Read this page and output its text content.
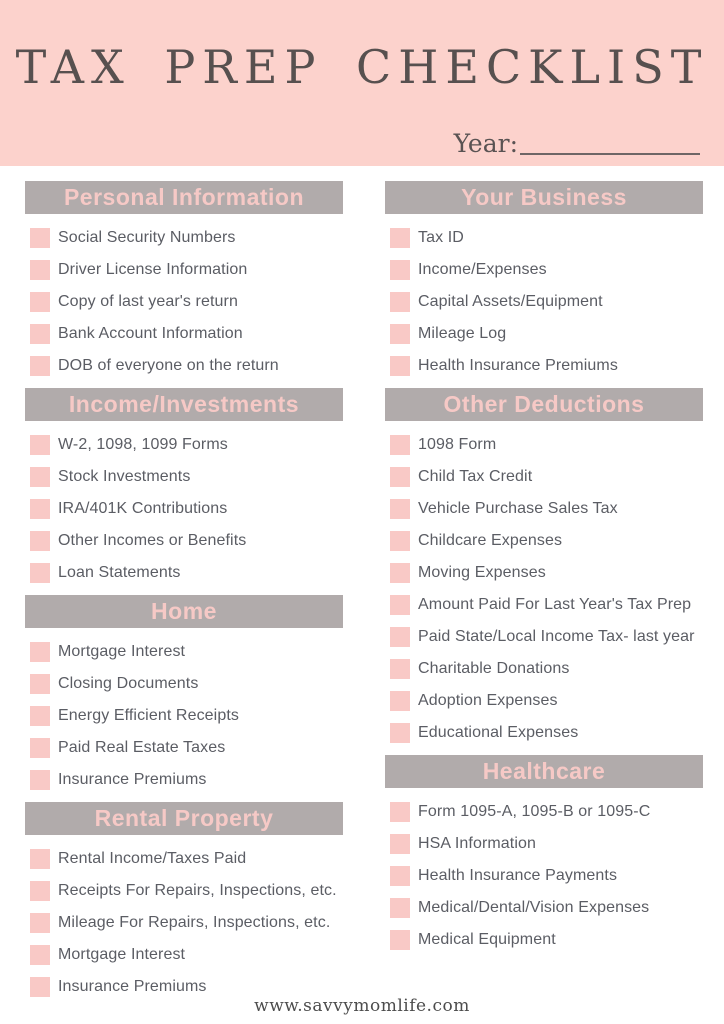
TAX PREP CHECKLIST
Year:
Personal Information
Social Security Numbers
Driver License Information
Copy of last year's return
Bank Account Information
DOB of everyone on the return
Income/Investments
W-2, 1098, 1099 Forms
Stock Investments
IRA/401K Contributions
Other Incomes or Benefits
Loan Statements
Home
Mortgage Interest
Closing Documents
Energy Efficient Receipts
Paid Real Estate Taxes
Insurance Premiums
Rental Property
Rental Income/Taxes Paid
Receipts For Repairs, Inspections, etc.
Mileage For Repairs, Inspections, etc.
Mortgage Interest
Insurance Premiums
Your Business
Tax ID
Income/Expenses
Capital Assets/Equipment
Mileage Log
Health Insurance Premiums
Other Deductions
1098 Form
Child Tax Credit
Vehicle Purchase Sales Tax
Childcare Expenses
Moving Expenses
Amount Paid For Last Year's Tax Prep
Paid State/Local Income Tax- last year
Charitable Donations
Adoption Expenses
Educational Expenses
Healthcare
Form 1095-A, 1095-B or 1095-C
HSA Information
Health Insurance Payments
Medical/Dental/Vision Expenses
Medical Equipment
www.savvymomlife.com
